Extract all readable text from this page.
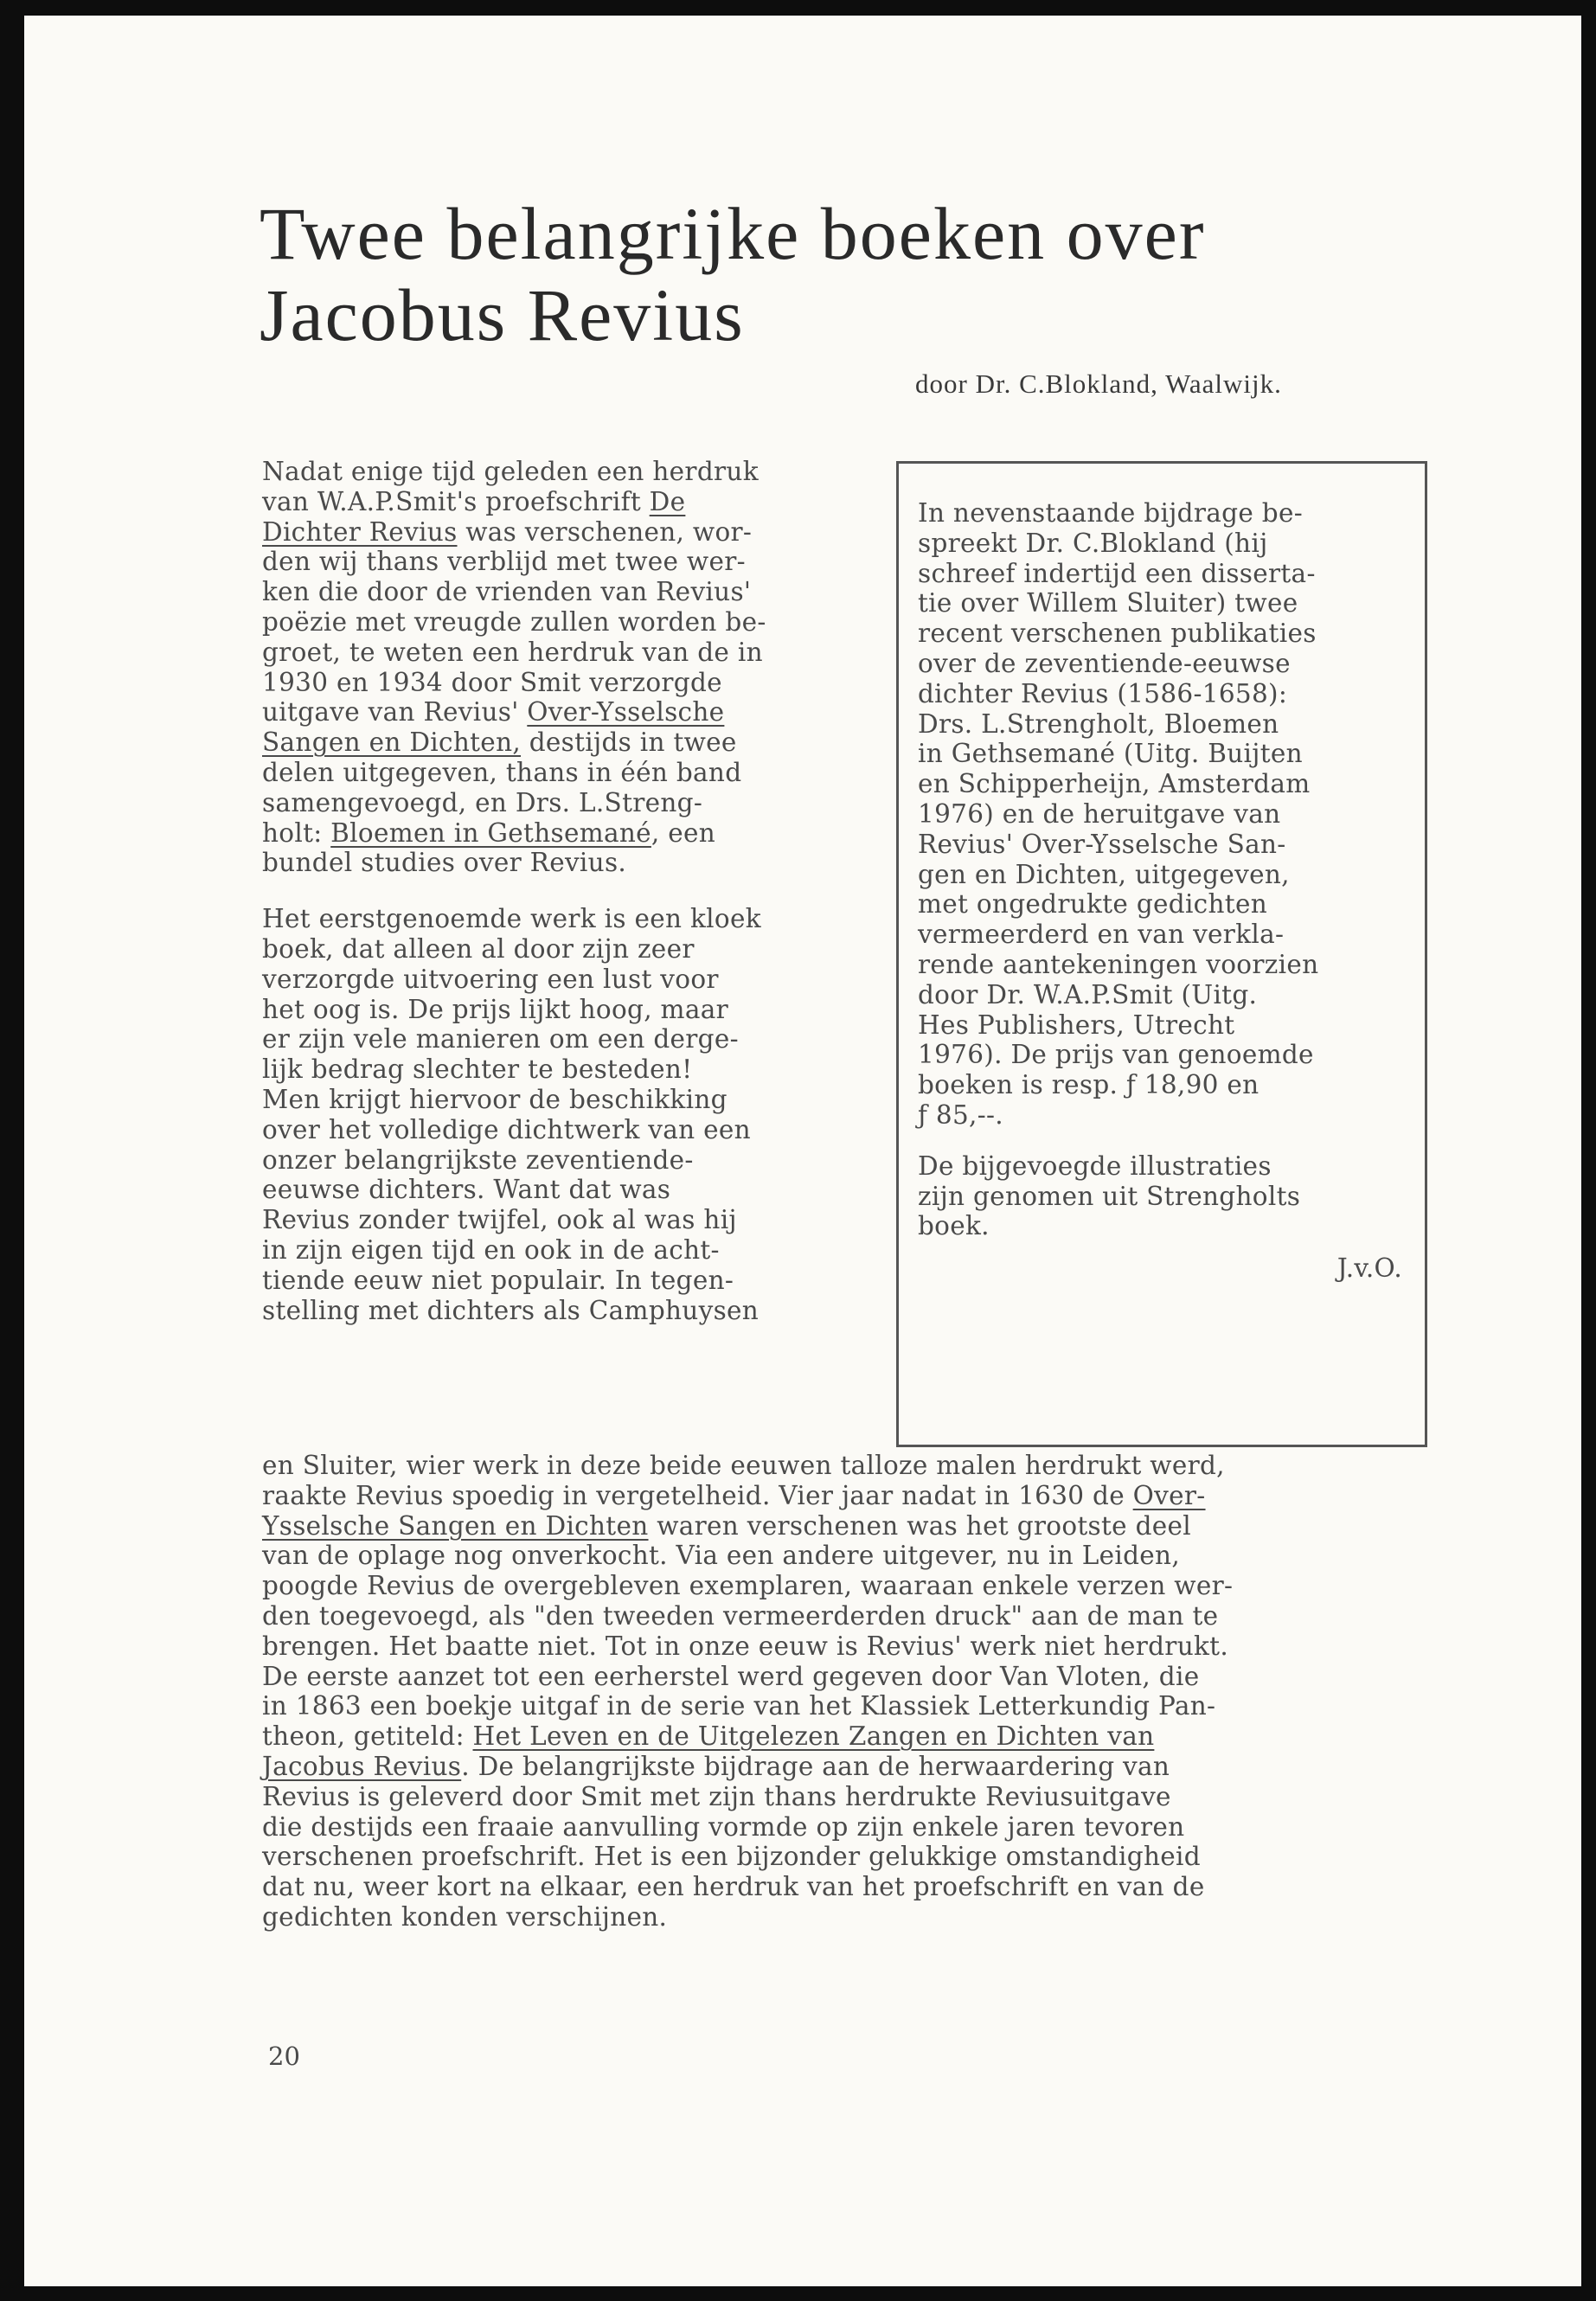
Twee belangrijke boeken over
Jacobus Revius
door Dr. C.Blokland, Waalwijk.

Nadat enige tijd geleden een herdruk
van W.A.P.Smit's proefschrift De
Dichter Revius was verschenen, wor-
den wij thans verblijd met twee wer-
ken die door de vrienden van Revius'
poëzie met vreugde zullen worden be-
groet, te weten een herdruk van de in
1930 en 1934 door Smit verzorgde
uitgave van Revius' Over-Ysselsche
Sangen en Dichten, destijds in twee
delen uitgegeven, thans in één band
samengevoegd, en Drs. L.Streng-
holt: Bloemen in Gethsemané, een
bundel studies over Revius.

Het eerstgenoemde werk is een kloek
boek, dat alleen al door zijn zeer
verzorgde uitvoering een lust voor
het oog is. De prijs lijkt hoog, maar
er zijn vele manieren om een derge-
lijk bedrag slechter te besteden!
Men krijgt hiervoor de beschikking
over het volledige dichtwerk van een
onzer belangrijkste zeventiende-
eeuwse dichters. Want dat was
Revius zonder twijfel, ook al was hij
in zijn eigen tijd en ook in de acht-
tiende eeuw niet populair. In tegen-
stelling met dichters als Camphuysen

In nevenstaande bijdrage be-
spreekt Dr. C.Blokland (hij
schreef indertijd een disserta-
tie over Willem Sluiter) twee
recent verschenen publikaties
over de zeventiende-eeuwse
dichter Revius (1586-1658):
Drs. L.Strengholt, Bloemen
in Gethsemané (Uitg. Buijten
en Schipperheijn, Amsterdam
1976) en de heruitgave van
Revius' Over-Ysselsche San-
gen en Dichten, uitgegeven,
met ongedrukte gedichten
vermeerderd en van verkla-
rende aantekeningen voorzien
door Dr. W.A.P.Smit (Uitg.
Hes Publishers, Utrecht
1976). De prijs van genoemde
boeken is resp. ƒ 18,90 en
ƒ 85,--.

De bijgevoegde illustraties
zijn genomen uit Strengholts
boek.

J.v.O.

en Sluiter, wier werk in deze beide eeuwen talloze malen herdrukt werd,
raakte Revius spoedig in vergetelheid. Vier jaar nadat in 1630 de Over-
Ysselsche Sangen en Dichten waren verschenen was het grootste deel
van de oplage nog onverkocht. Via een andere uitgever, nu in Leiden,
poogde Revius de overgebleven exemplaren, waaraan enkele verzen wer-
den toegevoegd, als "den tweeden vermeerderden druck" aan de man te
brengen. Het baatte niet. Tot in onze eeuw is Revius' werk niet herdrukt.
De eerste aanzet tot een eerherstel werd gegeven door Van Vloten, die
in 1863 een boekje uitgaf in de serie van het Klassiek Letterkundig Pan-
theon, getiteld: Het Leven en de Uitgelezen Zangen en Dichten van
Jacobus Revius. De belangrijkste bijdrage aan de herwaardering van
Revius is geleverd door Smit met zijn thans herdrukte Reviusuitgave
die destijds een fraaie aanvulling vormde op zijn enkele jaren tevoren
verschenen proefschrift. Het is een bijzonder gelukkige omstandigheid
dat nu, weer kort na elkaar, een herdruk van het proefschrift en van de
gedichten konden verschijnen.

20
